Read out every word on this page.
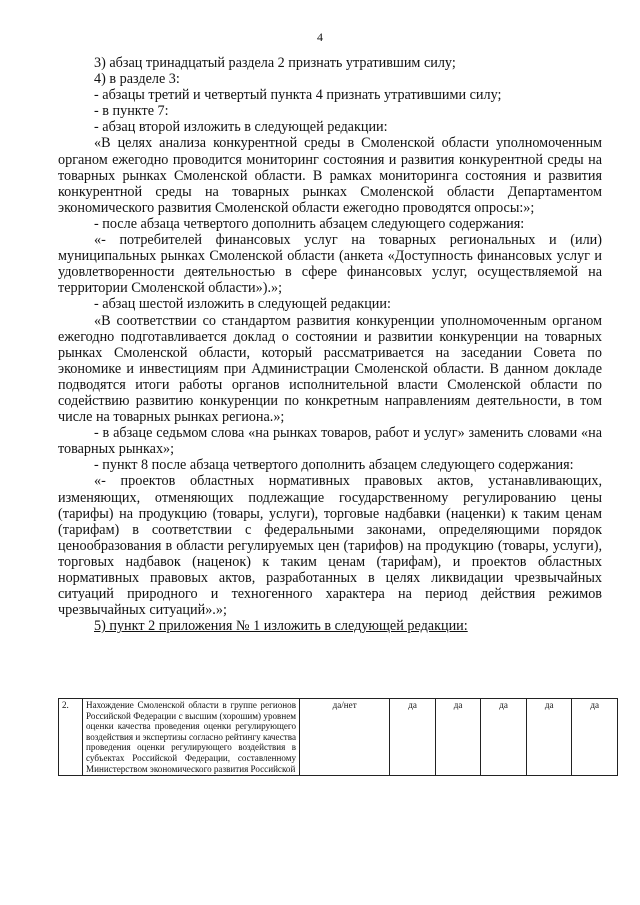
4

3) абзац тринадцатый раздела 2 признать утратившим силу;

4) в разделе 3:

- абзацы третий и четвертый пункта 4 признать утратившими силу;

- в пункте 7:

- абзац второй изложить в следующей редакции:

«В целях анализа конкурентной среды в Смоленской области уполномоченным органом ежегодно проводится мониторинг состояния и развития конкурентной среды на товарных рынках Смоленской области. В рамках мониторинга состояния и развития конкурентной среды на товарных рынках Смоленской области Департаментом экономического развития Смоленской области ежегодно проводятся опросы:»;

- после абзаца четвертого дополнить абзацем следующего содержания:

«- потребителей финансовых услуг на товарных региональных и (или) муниципальных рынках Смоленской области (анкета «Доступность финансовых услуг и удовлетворенности деятельностью в сфере финансовых услуг, осуществляемой на территории Смоленской области»).»;

- абзац шестой изложить в следующей редакции:

«В соответствии со стандартом развития конкуренции уполномоченным органом ежегодно подготавливается доклад о состоянии и развитии конкуренции на товарных рынках Смоленской области, который рассматривается на заседании Совета по экономике и инвестициям при Администрации Смоленской области. В данном докладе подводятся итоги работы органов исполнительной власти Смоленской области по содействию развитию конкуренции по конкретным направлениям деятельности, в том числе на товарных рынках региона.»;

- в абзаце седьмом слова «на рынках товаров, работ и услуг» заменить словами «на товарных рынках»;

- пункт 8 после абзаца четвертого дополнить абзацем следующего содержания:

«- проектов областных нормативных правовых актов, устанавливающих, изменяющих, отменяющих подлежащие государственному регулированию цены (тарифы) на продукцию (товары, услуги), торговые надбавки (наценки) к таким ценам (тарифам) в соответствии с федеральными законами, определяющими порядок ценообразования в области регулируемых цен (тарифов) на продукцию (товары, услуги), торговых надбавок (наценок) к таким ценам (тарифам), и проектов областных нормативных правовых актов, разработанных в целях ликвидации чрезвычайных ситуаций природного и техногенного характера на период действия режимов чрезвычайных ситуаций».»;

5) пункт 2 приложения № 1 изложить в следующей редакции:

2.	Нахождение Смоленской области в группе регионов Российской Федерации с высшим (хорошим) уровнем оценки качества проведения оценки регулирующего воздействия и экспертизы согласно рейтингу качества проведения оценки регулирующего воздействия в субъектах Российской Федерации, составленному Министерством экономического развития Российской	да/нет	да	да	да	да	да
